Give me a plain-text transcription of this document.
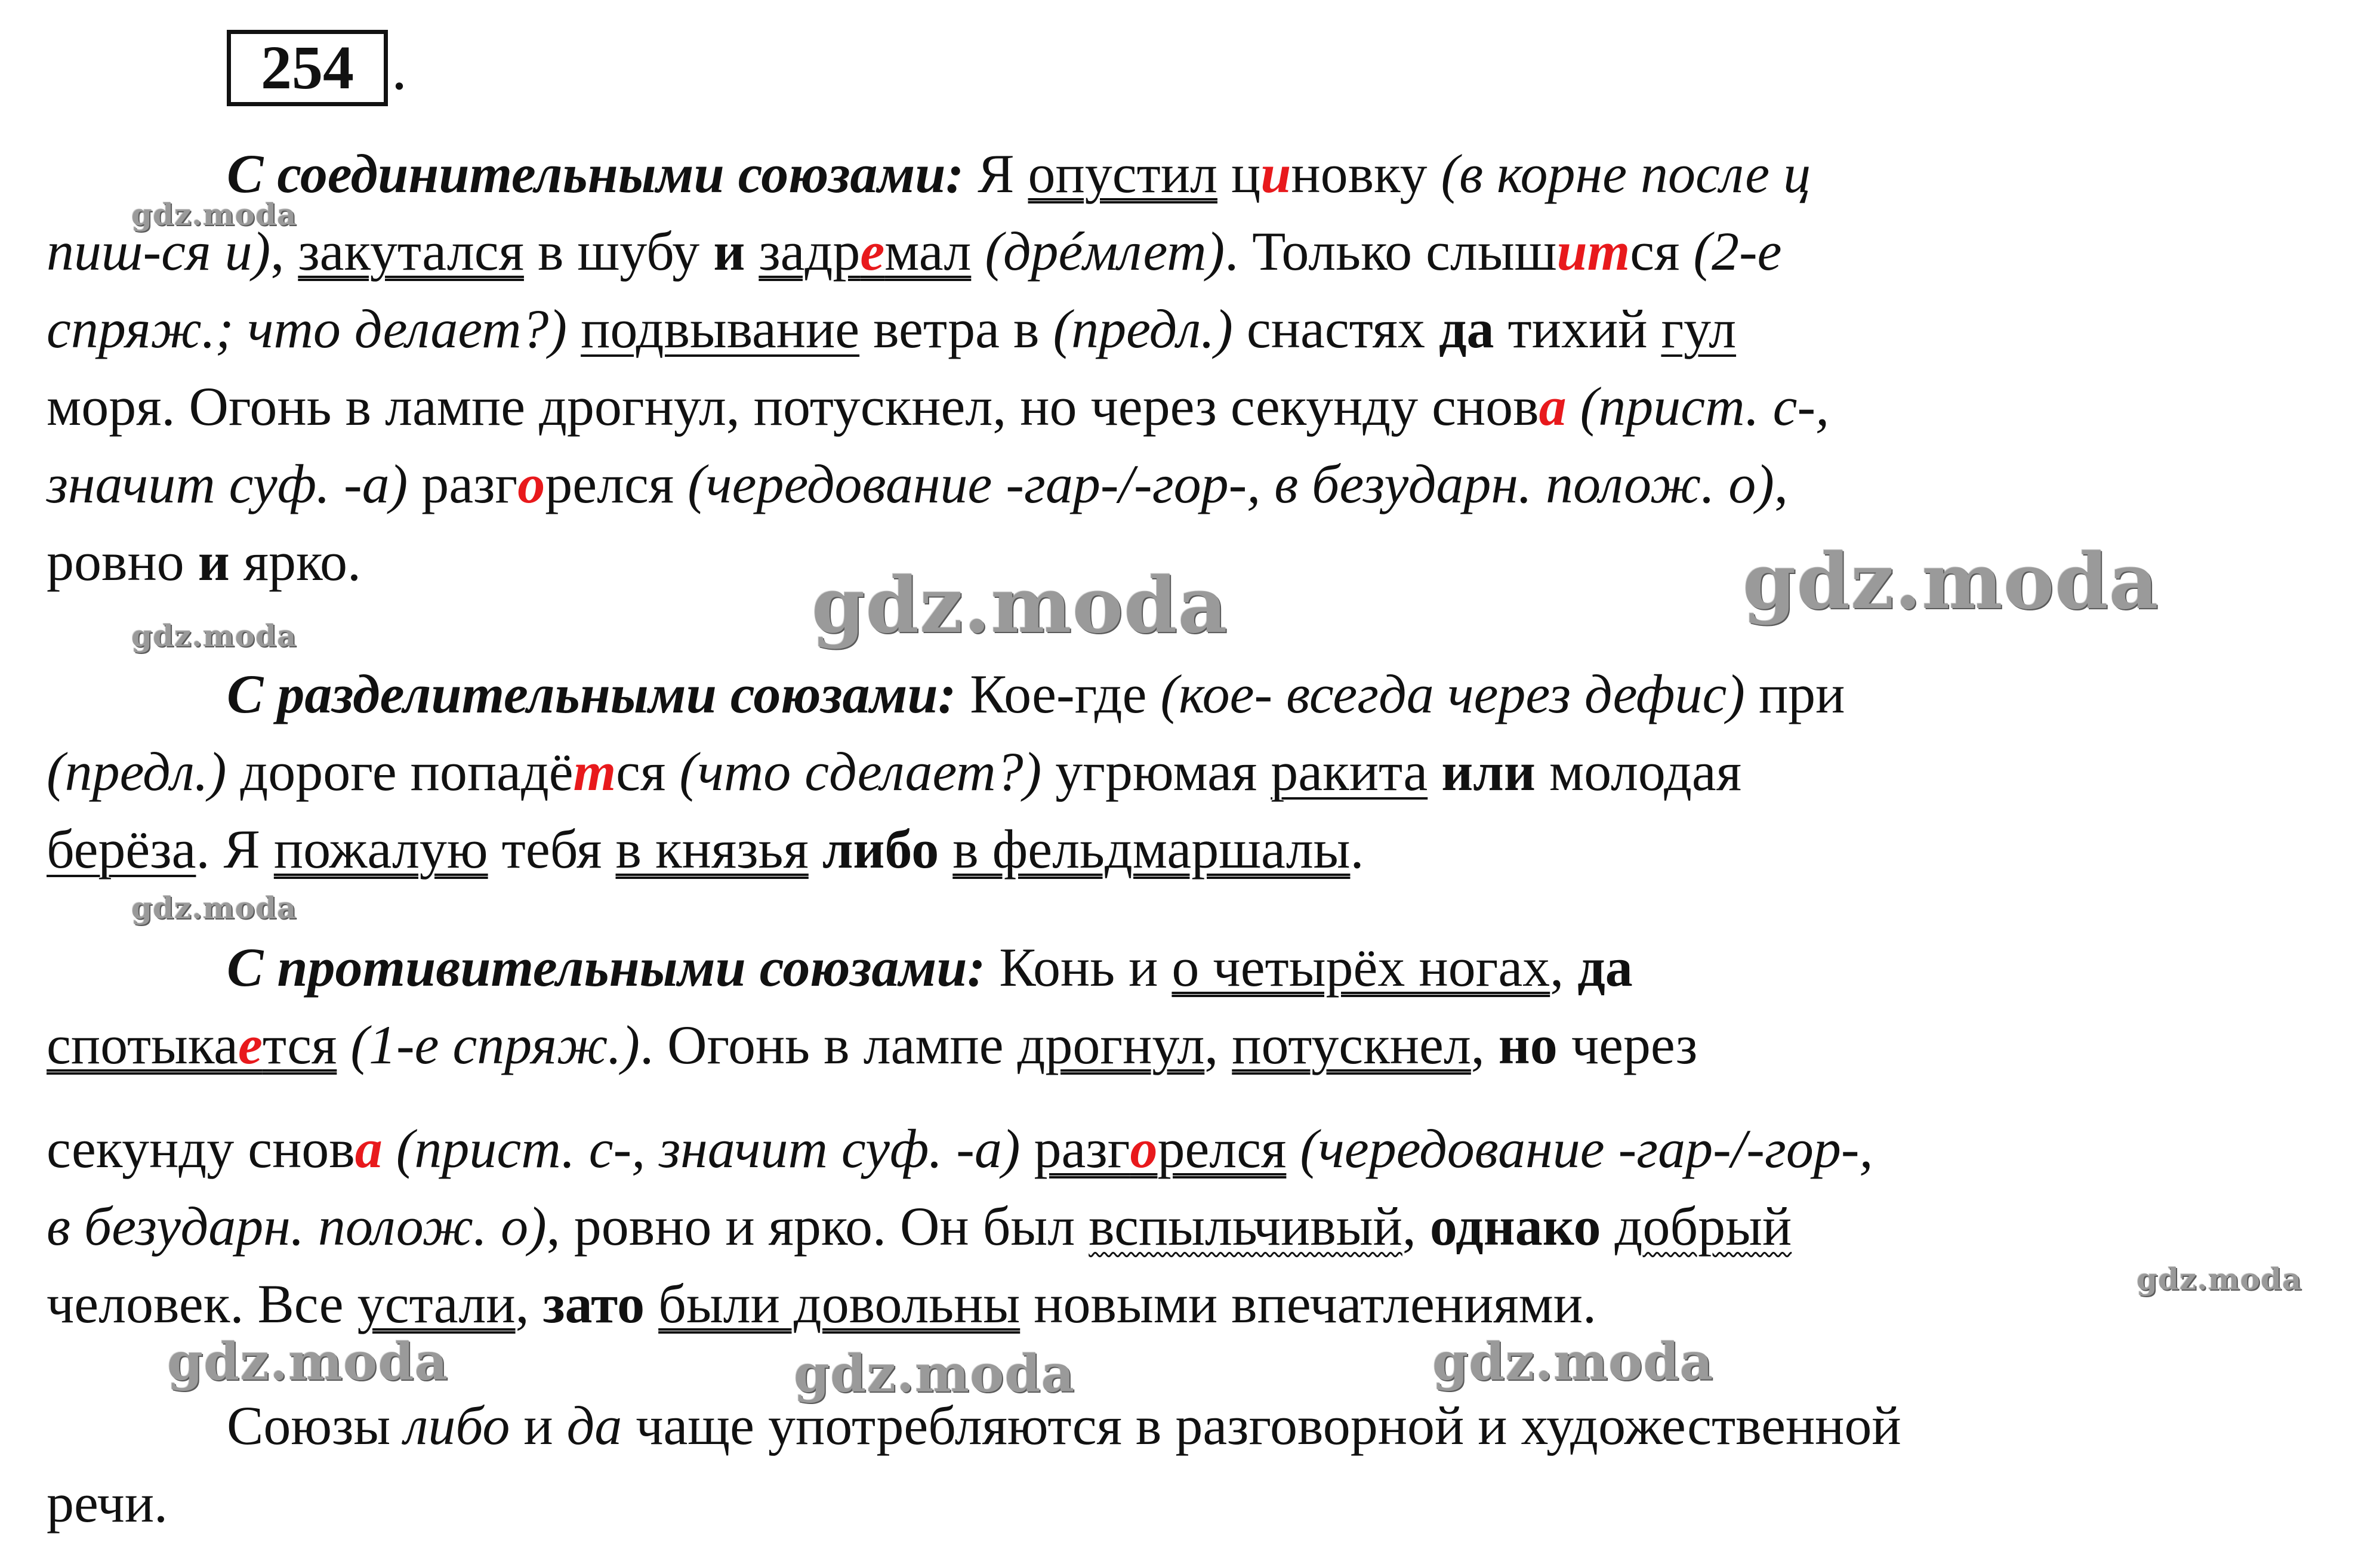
254 .
С соединительными союзами: Я опустил циновку (в корне после ц
пиш-ся и), закутался в шубу и задремал (дрéмлет). Только слышится (2-е
спряж.; что делает?) подвывание ветра в (предл.) снастях да тихий гул
моря. Огонь в лампе дрогнул, потускнел, но через секунду снова (прист. с-,
значит суф. -а) разгорелся (чередование -гар-/-гор-, в безударн. полож. о),
ровно и ярко.
С разделительными союзами: Кое-где (кое- всегда через дефис) при
(предл.) дороге попадётся (что сделает?) угрюмая ракита или молодая
берёза. Я пожалую тебя в князья либо в фельдмаршалы.
С противительными союзами: Конь и о четырёх ногах, да
спотыкается (1-е спряж.). Огонь в лампе дрогнул, потускнел, но через
секунду снова (прист. с-, значит суф. -а) разгорелся (чередование -гар-/-гор-,
в безударн. полож. о), ровно и ярко. Он был вспыльчивый, однако добрый
человек. Все устали, зато были довольны новыми впечатлениями.
Союзы либо и да чаще употребляются в разговорной и художественной
речи.
gdz.moda
gdz.moda	gdz.moda
gdz.moda
gdz.moda
gdz.moda
gdz.moda	gdz.moda	gdz.moda
